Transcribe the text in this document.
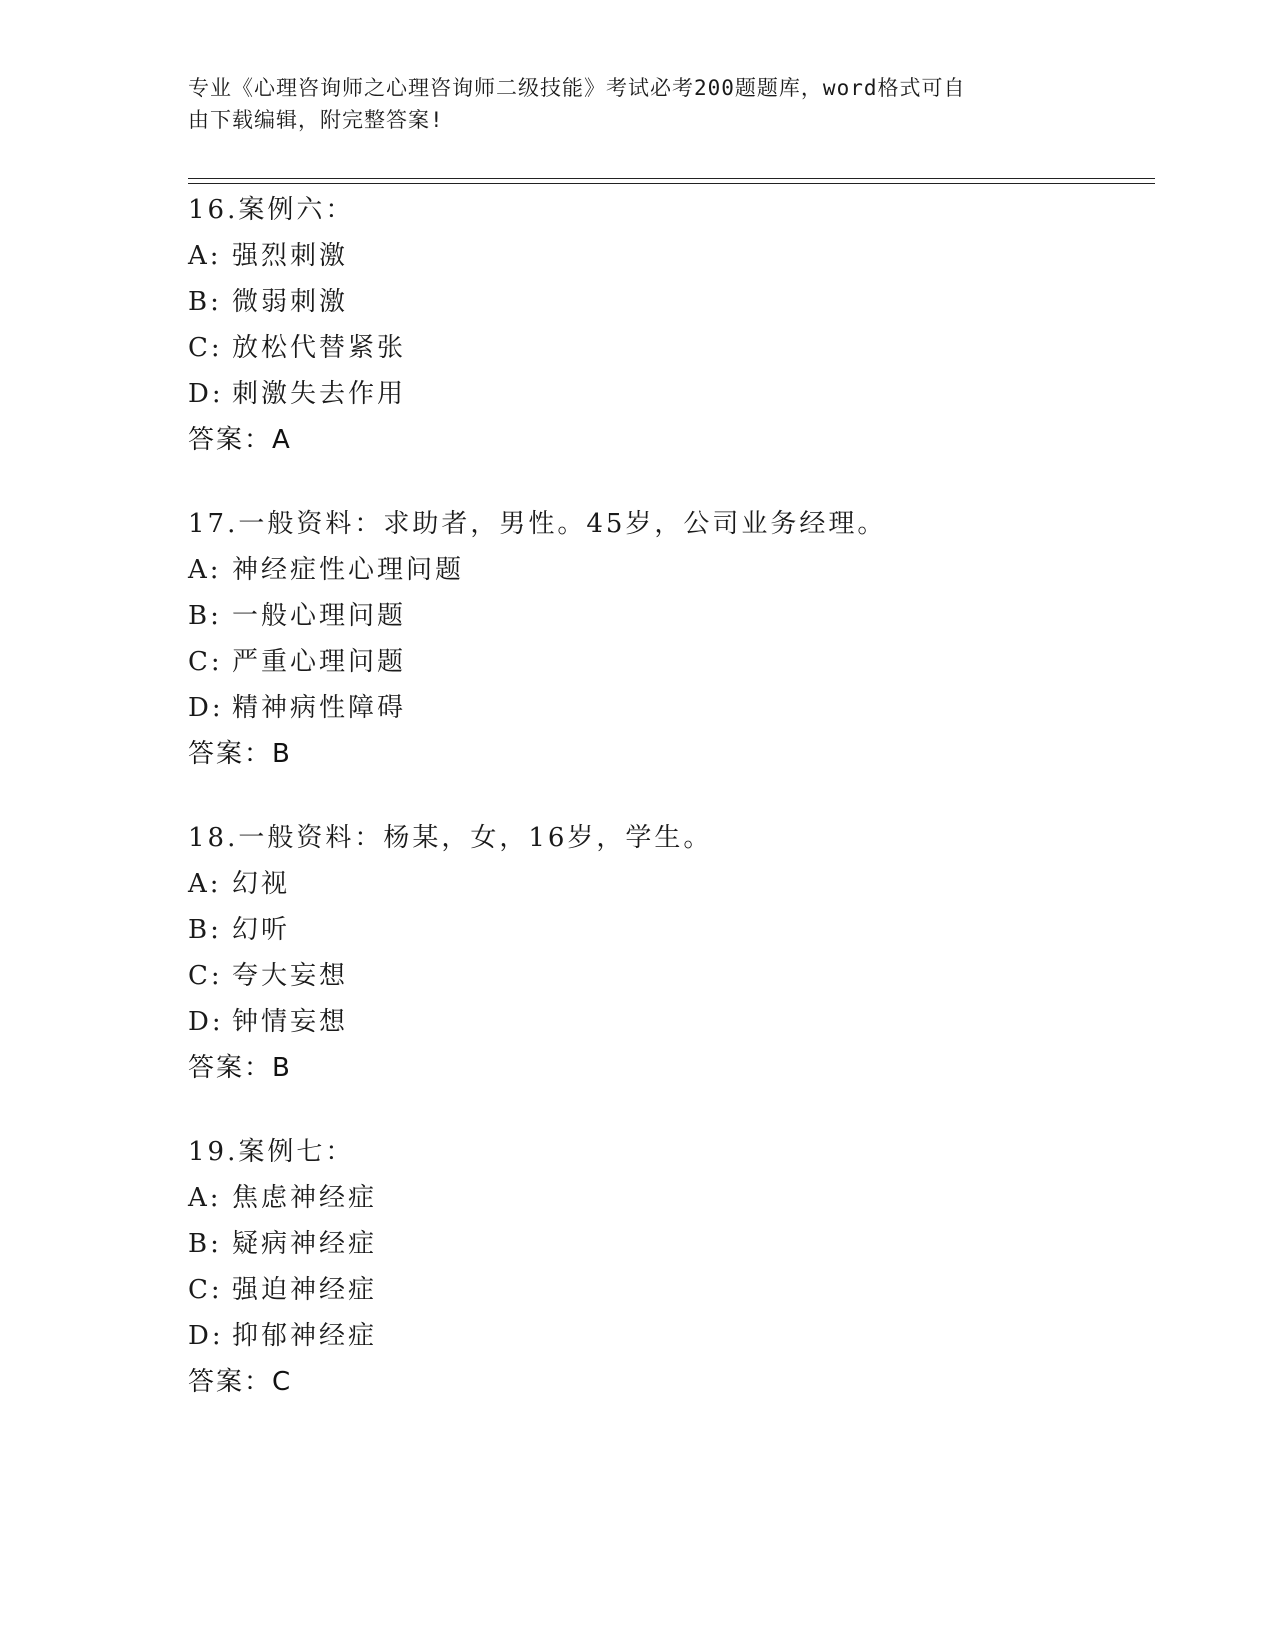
专业《心理咨询师之心理咨询师二级技能》考试必考200题题库，word格式可自
由下载编辑，附完整答案!
16.案例六：
A: 强烈刺激
B: 微弱刺激
C: 放松代替紧张
D: 刺激失去作用
答案：A
17.一般资料：求助者，男性。45岁，公司业务经理。
A: 神经症性心理问题
B: 一般心理问题
C: 严重心理问题
D: 精神病性障碍
答案：B
18.一般资料：杨某，女，16岁，学生。
A: 幻视
B: 幻听
C: 夸大妄想
D: 钟情妄想
答案：B
19.案例七：
A: 焦虑神经症
B: 疑病神经症
C: 强迫神经症
D: 抑郁神经症
答案：C
